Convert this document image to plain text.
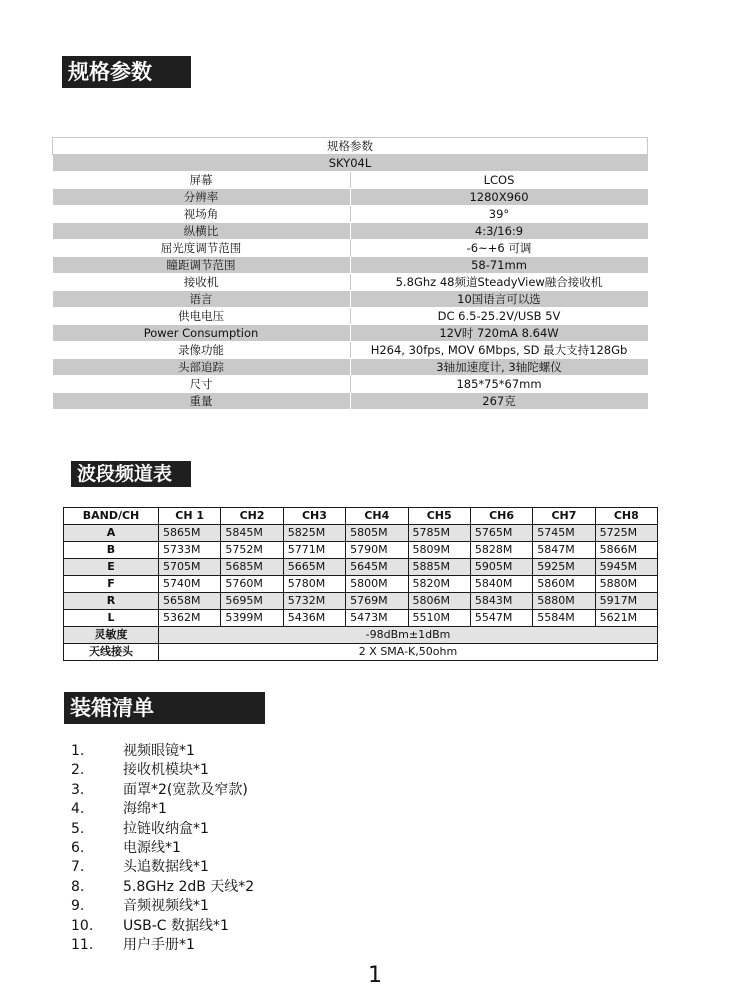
规格参数
规格参数	
SKY04L	
屏幕	LCOS
分辨率	1280X960
视场角	39°
纵横比	4:3/16:9
屈光度调节范围	-6~+6 可调
瞳距调节范围	58-71mm
接收机	5.8Ghz 48频道SteadyView融合接收机
语言	10国语言可以选
供电电压	DC 6.5-25.2V/USB 5V
Power Consumption	12V时 720mA 8.64W
录像功能	H264, 30fps, MOV 6Mbps, SD 最大支持128Gb
头部追踪	3轴加速度计, 3轴陀螺仪
尺寸	185*75*67mm
重量	267克
波段频道表
BAND/CH	CH 1	CH2	CH3	CH4	CH5	CH6	CH7	CH8
A	5865M	5845M	5825M	5805M	5785M	5765M	5745M	5725M
B	5733M	5752M	5771M	5790M	5809M	5828M	5847M	5866M
E	5705M	5685M	5665M	5645M	5885M	5905M	5925M	5945M
F	5740M	5760M	5780M	5800M	5820M	5840M	5860M	5880M
R	5658M	5695M	5732M	5769M	5806M	5843M	5880M	5917M
L	5362M	5399M	5436M	5473M	5510M	5547M	5584M	5621M
灵敏度	-98dBm±1dBm							
天线接头	2 X SMA-K,50ohm							
装箱清单
1.	视频眼镜*1
2.	接收机模块*1
3.	面罩*2(宽款及窄款)
4.	海绵*1
5.	拉链收纳盒*1
6.	电源线*1
7.	头追数据线*1
8.	5.8GHz 2dB 天线*2
9.	音频视频线*1
10. USB-C 数据线*1
11. 用户手册*1
1
